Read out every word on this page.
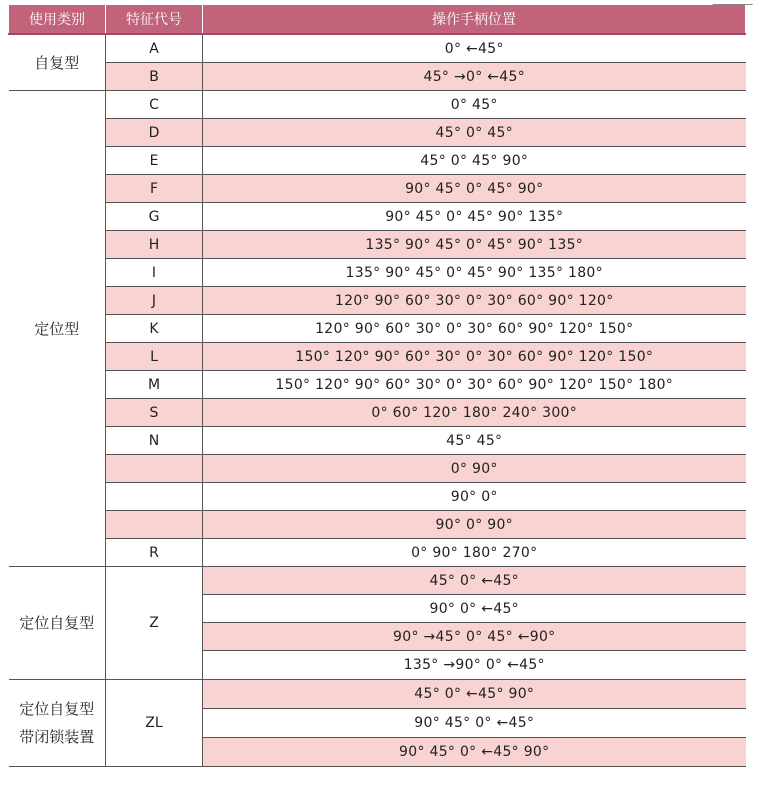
使用类别	特征代号	操作手柄位置
自复型	A	0° ←45°
	B	45° →0° ←45°
定位型	C	0° 45°
	D	45° 0° 45°
	E	45° 0° 45° 90°
	F	90° 45° 0° 45° 90°
	G	90° 45° 0° 45° 90° 135°
	H	135° 90° 45° 0° 45° 90° 135°
	I	135° 90° 45° 0° 45° 90° 135° 180°
	J	120° 90° 60° 30° 0° 30° 60° 90° 120°
	K	120° 90° 60° 30° 0° 30° 60° 90° 120° 150°
	L	150° 120° 90° 60° 30° 0° 30° 60° 90° 120° 150°
	M	150° 120° 90° 60° 30° 0° 30° 60° 90° 120° 150° 180°
	S	0° 60° 120° 180° 240° 300°
	N	45° 45°
		0° 90°
		90° 0°
		90° 0° 90°
	R	0° 90° 180° 270°
定位自复型	Z	45° 0° ←45°
		90° 0° ←45°
		90° →45° 0° 45° ←90°
		135° →90° 0° ←45°

定位自复型
带闭锁装置	ZL	45° 0° ←45° 90°
		90° 45° 0° ←45°
		90° 45° 0° ←45° 90°
